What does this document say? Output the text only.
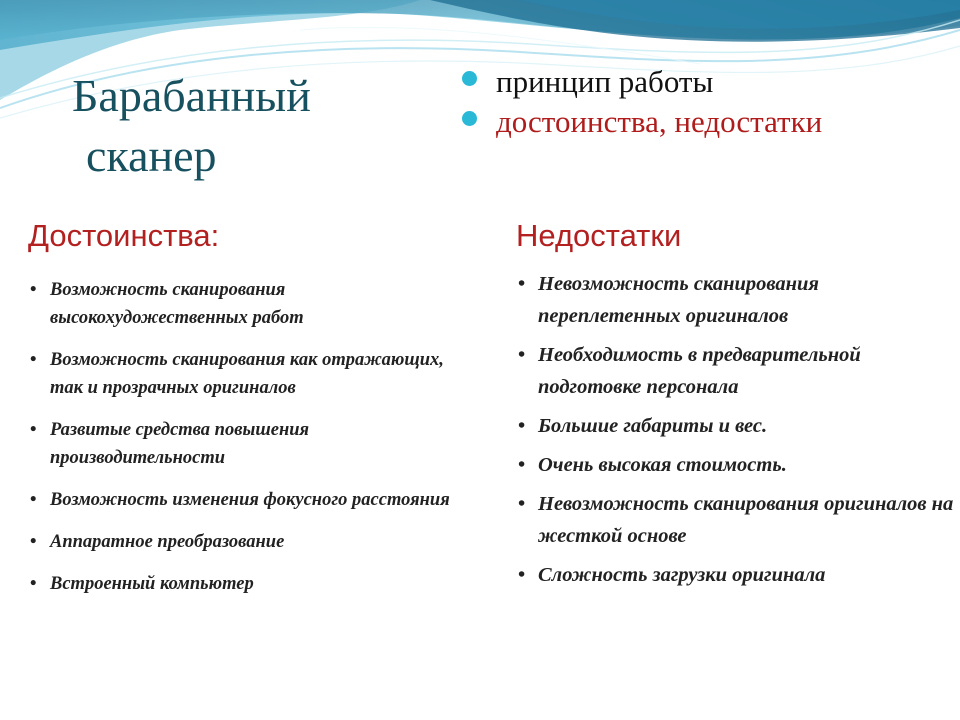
Барабанный
сканер
принцип работы
достоинства, недостатки
Достоинства:	Недостатки
• Возможность сканирования высокохудожественных работ
• Возможность сканирования как отражающих, так и прозрачных оригиналов
• Развитые средства повышения производительности
• Возможность изменения фокусного расстояния
• Аппаратное преобразование
• Встроенный компьютер
• Невозможность сканирования переплетенных оригиналов
• Необходимость в предварительной подготовке персонала
• Большие габариты и вес.
• Очень высокая стоимость.
• Невозможность сканирования оригиналов на жесткой основе
• Сложность загрузки оригинала
